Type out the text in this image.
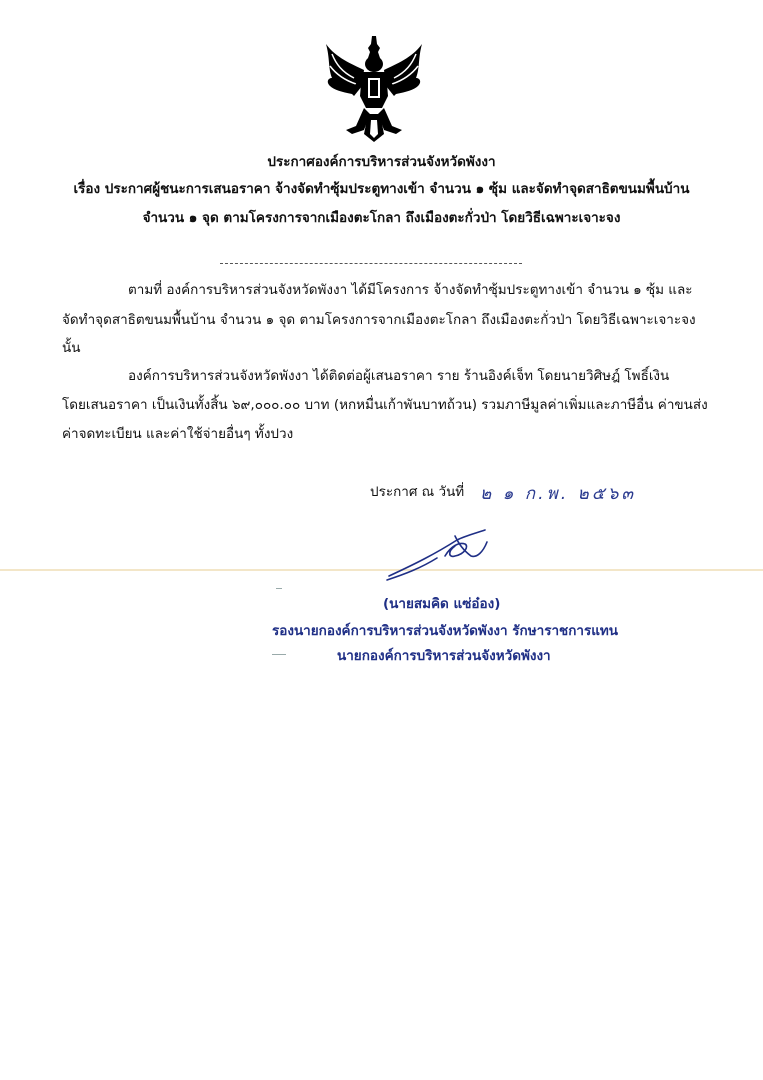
ประกาศองค์การบริหารส่วนจังหวัดพังงา
เรื่อง ประกาศผู้ชนะการเสนอราคา จ้างจัดทำซุ้มประตูทางเข้า จำนวน ๑ ซุ้ม และจัดทำจุดสาธิตขนมพื้นบ้าน
จำนวน ๑ จุด ตามโครงการจากเมืองตะโกลา ถึงเมืองตะกั่วป่า โดยวิธีเฉพาะเจาะจง
ตามที่ องค์การบริหารส่วนจังหวัดพังงา ได้มีโครงการ จ้างจัดทำซุ้มประตูทางเข้า จำนวน ๑ ซุ้ม และ
จัดทำจุดสาธิตขนมพื้นบ้าน จำนวน ๑ จุด ตามโครงการจากเมืองตะโกลา ถึงเมืองตะกั่วป่า โดยวิธีเฉพาะเจาะจง
นั้น
องค์การบริหารส่วนจังหวัดพังงา ได้ติดต่อผู้เสนอราคา ราย ร้านอิงค์เจ็ท โดยนายวิศิษฎ์ โพธิ์เงิน
โดยเสนอราคา เป็นเงินทั้งสิ้น ๖๙,๐๐๐.๐๐ บาท (หกหมื่นเก้าพันบาทถ้วน) รวมภาษีมูลค่าเพิ่มและภาษีอื่น ค่าขนส่ง
ค่าจดทะเบียน และค่าใช้จ่ายอื่นๆ ทั้งปวง
ประกาศ ณ วันที่ ๒ ๑ ก.พ. ๒๕๖๓
(นายสมคิด แซ่อ๋อง)
รองนายกองค์การบริหารส่วนจังหวัดพังงา รักษาราชการแทน
นายกองค์การบริหารส่วนจังหวัดพังงา
